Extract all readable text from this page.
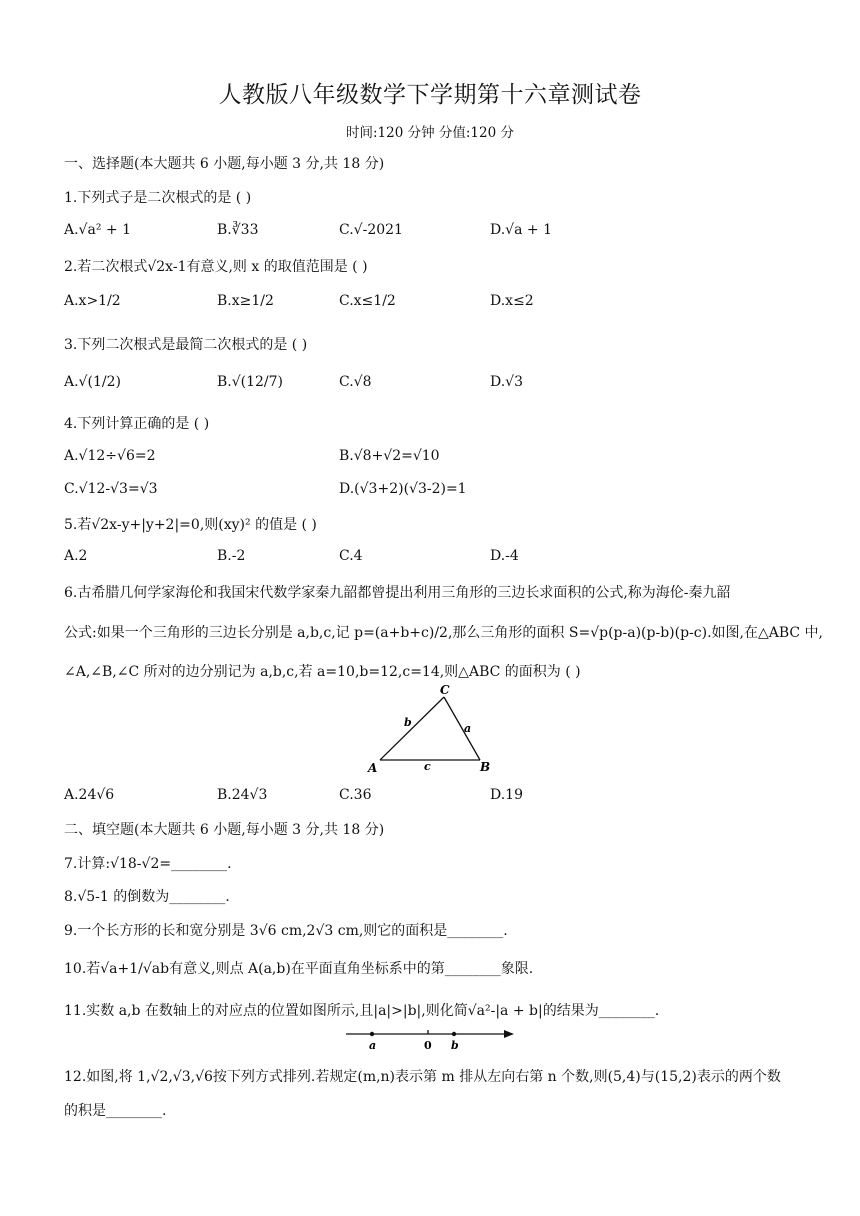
人教版八年级数学下学期第十六章测试卷
时间:120 分钟 分值:120 分
一、选择题(本大题共 6 小题,每小题 3 分,共 18 分)
1.下列式子是二次根式的是 ( )
A.√a² + 1	B.∛33	C.√-2021	D.√a + 1
2.若二次根式√2x-1有意义,则 x 的取值范围是 ( )
A.x>1/2	B.x≥1/2	C.x≤1/2	D.x≤2
3.下列二次根式是最简二次根式的是 ( )
A.√(1/2)	B.√(12/7)	C.√8	D.√3
4.下列计算正确的是 ( )
A.√12÷√6=2	B.√8+√2=√10
C.√12-√3=√3	D.(√3+2)(√3-2)=1
5.若√2x-y+|y+2|=0,则(xy)² 的值是 ( )
A.2	B.-2	C.4	D.-4
6.古希腊几何学家海伦和我国宋代数学家秦九韶都曾提出利用三角形的三边长求面积的公式,称为海伦-秦九韶
公式:如果一个三角形的三边长分别是 a,b,c,记 p=(a+b+c)/2,那么三角形的面积 S=√p(p-a)(p-b)(p-c).如图,在△ABC 中,
∠A,∠B,∠C 所对的边分别记为 a,b,c,若 a=10,b=12,c=14,则△ABC 的面积为 ( )
C
A	B
b	a
c
A.24√6	B.24√3	C.36	D.19
二、填空题(本大题共 6 小题,每小题 3 分,共 18 分)
7.计算:√18-√2=________.
8.√5-1 的倒数为________.
9.一个长方形的长和宽分别是 3√6 cm,2√3 cm,则它的面积是________.
10.若√a+1/√ab有意义,则点 A(a,b)在平面直角坐标系中的第________象限.
11.实数 a,b 在数轴上的对应点的位置如图所示,且|a|>|b|,则化简√a²-|a + b|的结果为________.
a	0 b
12.如图,将 1,√2,√3,√6按下列方式排列.若规定(m,n)表示第 m 排从左向右第 n 个数,则(5,4)与(15,2)表示的两个数
的积是________.
